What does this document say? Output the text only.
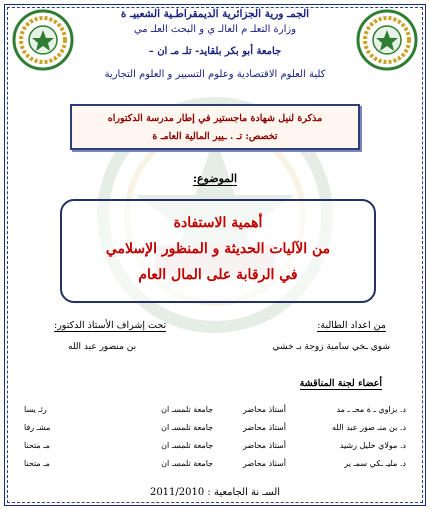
الجمـ ورية الجزائرية الديمقراطـية الشعبيـ ة
وزارة التعلـ م العالـ ي و البحث العلـ مي
جامعة أبو بكر بلقايد- تلـ مـ ان –
كلية العلوم الاقتصادية وعلوم التسيير و العلوم التجارية
مذكرة لنيل شهادة ماجستير في إطار مدرسة الدكتوراه
تخصص: تـ . ـيير المالية العامـ ة
الموضوع:
أهمية الاستفادة
من الآليات الحديثة و المنظور الإسلامي
في الرقابة على المال العام
من اعداد الطالبة:
تحت إشراف الأستاذ الدكتور:
شوي ـخي سامية زوجة بـ خشي
بن منصور عبد الله
أعضاء لجنة المناقشة
د. بزاوي ـ ة محـ ـ مد	أستاذ محاضر	جامعة تلمسـ ان	رئـ يسا
د. بن منـ صور عبد الله	أستاذ محاضر	جامعة تلمسـ ان	مشـ رفا
د. مولاي خليل رشيد	أستاذ محاضر	جامعة تلمسـ ان	مـ متحنا
د. مليـ ـكي سمـ ير	أستاذ محاضر	جامعة تلمسـ ان	مـ متحنا
السـ نة الجامعية : 2011/2010
